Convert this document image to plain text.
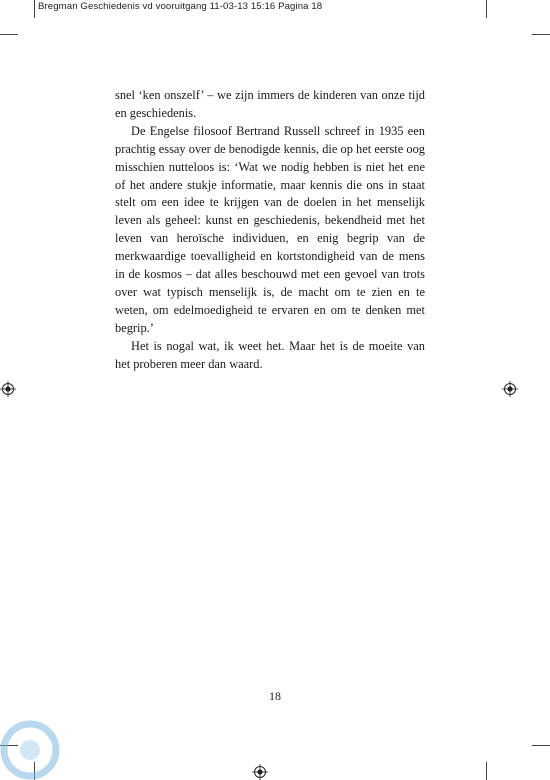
Bregman Geschiedenis vd vooruitgang 11-03-13 15:16 Pagina 18

snel ‘ken onszelf’ – we zijn immers de kinderen van onze tijd en geschiedenis.

De Engelse filosoof Bertrand Russell schreef in 1935 een prachtig essay over de benodigde kennis, die op het eerste oog misschien nutteloos is: ‘Wat we nodig hebben is niet het ene of het andere stukje informatie, maar kennis die ons in staat stelt om een idee te krijgen van de doelen in het menselijk leven als geheel: kunst en geschiedenis, bekendheid met het leven van heroïsche individuen, en enig begrip van de merkwaardige toevalligheid en kortstondigheid van de mens in de kosmos – dat alles beschouwd met een gevoel van trots over wat typisch menselijk is, de macht om te zien en te weten, om edelmoedigheid te ervaren en om te denken met begrip.’

Het is nogal wat, ik weet het. Maar het is de moeite van het proberen meer dan waard.

18
